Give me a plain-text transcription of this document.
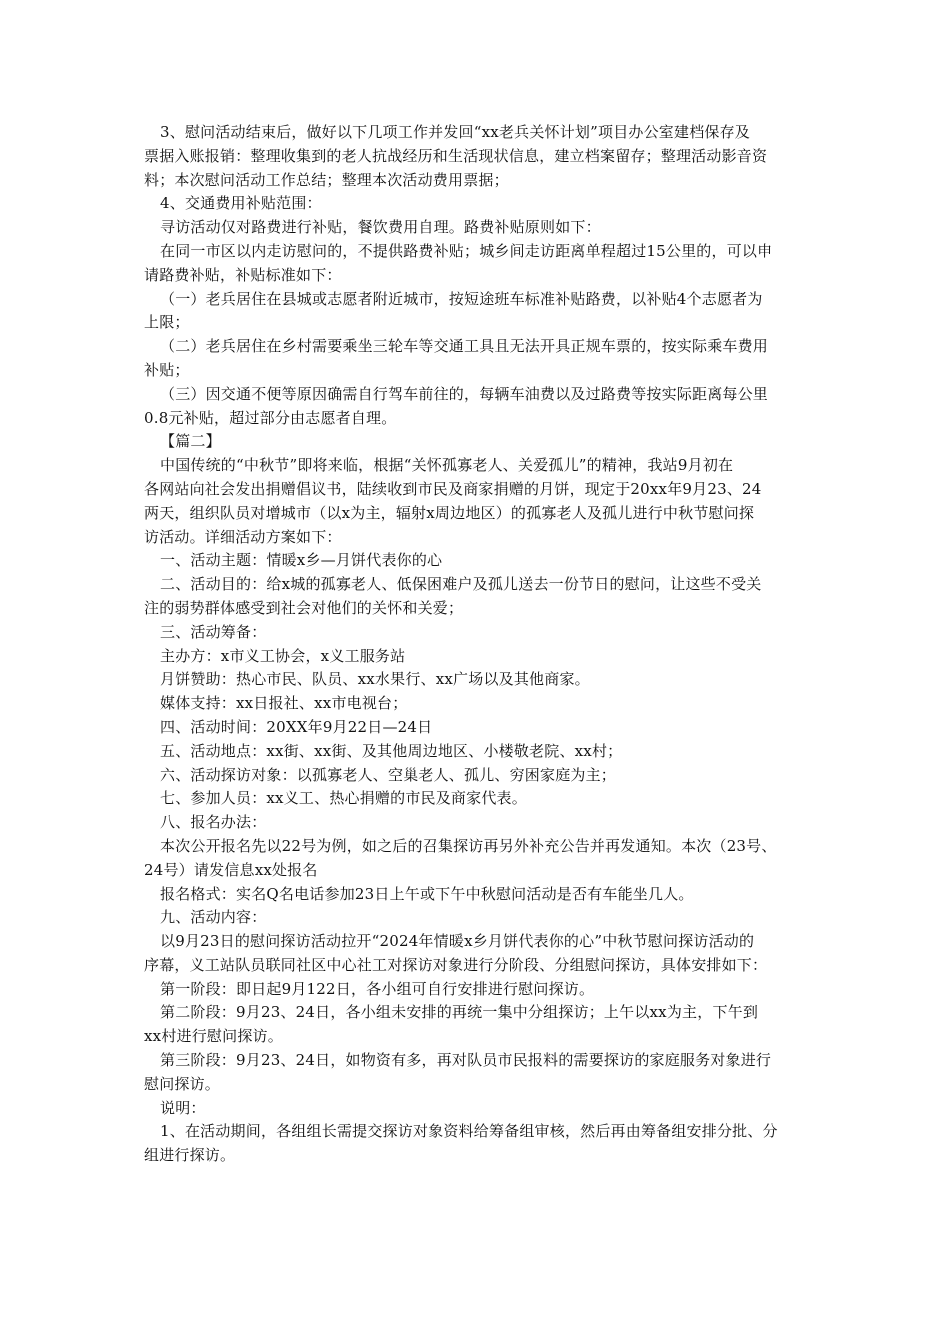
3、慰问活动结束后，做好以下几项工作并发回“xx老兵关怀计划”项目办公室建档保存及
票据入账报销：整理收集到的老人抗战经历和生活现状信息，建立档案留存；整理活动影音资
料；本次慰问活动工作总结；整理本次活动费用票据；
4、交通费用补贴范围：
寻访活动仅对路费进行补贴，餐饮费用自理。路费补贴原则如下：
在同一市区以内走访慰问的，不提供路费补贴；城乡间走访距离单程超过15公里的，可以申
请路费补贴，补贴标准如下：
（一）老兵居住在县城或志愿者附近城市，按短途班车标准补贴路费，以补贴4个志愿者为
上限；
（二）老兵居住在乡村需要乘坐三轮车等交通工具且无法开具正规车票的，按实际乘车费用
补贴；
（三）因交通不便等原因确需自行驾车前往的，每辆车油费以及过路费等按实际距离每公里
0.8元补贴，超过部分由志愿者自理。
【篇二】
中国传统的“中秋节”即将来临，根据“关怀孤寡老人、关爱孤儿”的精神，我站9月初在
各网站向社会发出捐赠倡议书，陆续收到市民及商家捐赠的月饼，现定于20xx年9月23、24
两天，组织队员对增城市（以x为主，辐射x周边地区）的孤寡老人及孤儿进行中秋节慰问探
访活动。详细活动方案如下：
一、活动主题：情暖x乡—月饼代表你的心
二、活动目的：给x城的孤寡老人、低保困难户及孤儿送去一份节日的慰问，让这些不受关
注的弱势群体感受到社会对他们的关怀和关爱；
三、活动筹备：
主办方：x市义工协会，x义工服务站
月饼赞助：热心市民、队员、xx水果行、xx广场以及其他商家。
媒体支持：xx日报社、xx市电视台；
四、活动时间：20XX年9月22日—24日
五、活动地点：xx街、xx街、及其他周边地区、小楼敬老院、xx村；
六、活动探访对象：以孤寡老人、空巢老人、孤儿、穷困家庭为主；
七、参加人员：xx义工、热心捐赠的市民及商家代表。
八、报名办法：
本次公开报名先以22号为例，如之后的召集探访再另外补充公告并再发通知。本次（23号、
24号）请发信息xx处报名
报名格式：实名Q名电话参加23日上午或下午中秋慰问活动是否有车能坐几人。
九、活动内容：
以9月23日的慰问探访活动拉开“2024年情暖x乡月饼代表你的心”中秋节慰问探访活动的
序幕，义工站队员联同社区中心社工对探访对象进行分阶段、分组慰问探访，具体安排如下：
第一阶段：即日起9月122日，各小组可自行安排进行慰问探访。
第二阶段：9月23、24日，各小组未安排的再统一集中分组探访；上午以xx为主，下午到
xx村进行慰问探访。
第三阶段：9月23、24日，如物资有多，再对队员市民报料的需要探访的家庭服务对象进行
慰问探访。
说明：
1、在活动期间，各组组长需提交探访对象资料给筹备组审核，然后再由筹备组安排分批、分
组进行探访。
